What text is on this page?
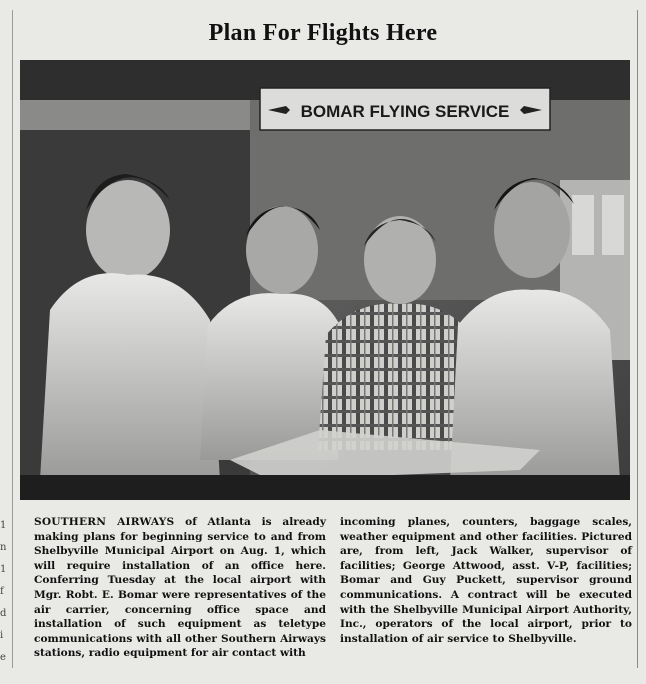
Plan For Flights Here
BOMAR FLYING SERVICE
SOUTHERN AIRWAYS of Atlanta is already making plans for beginning service to and from Shelbyville Municipal Airport on Aug. 1, which will require installation of an office here. Conferring Tuesday at the local airport with Mgr. Robt. E. Bomar were representatives of the air carrier, concerning office space and installation of such equipment as teletype communications with all other Southern Airways stations, radio equipment for air contact with
incoming planes, counters, baggage scales, weather equipment and other facilities. Pictured are, from left, Jack Walker, supervisor of facilities; George Attwood, asst. V-P, facilities; Bomar and Guy Puckett, supervisor ground communications. A contract will be executed with the Shelbyville Municipal Airport Authority, Inc., operators of the local airport, prior to installation of air service to Shelbyville.
1
n
1
f
d
i
e
